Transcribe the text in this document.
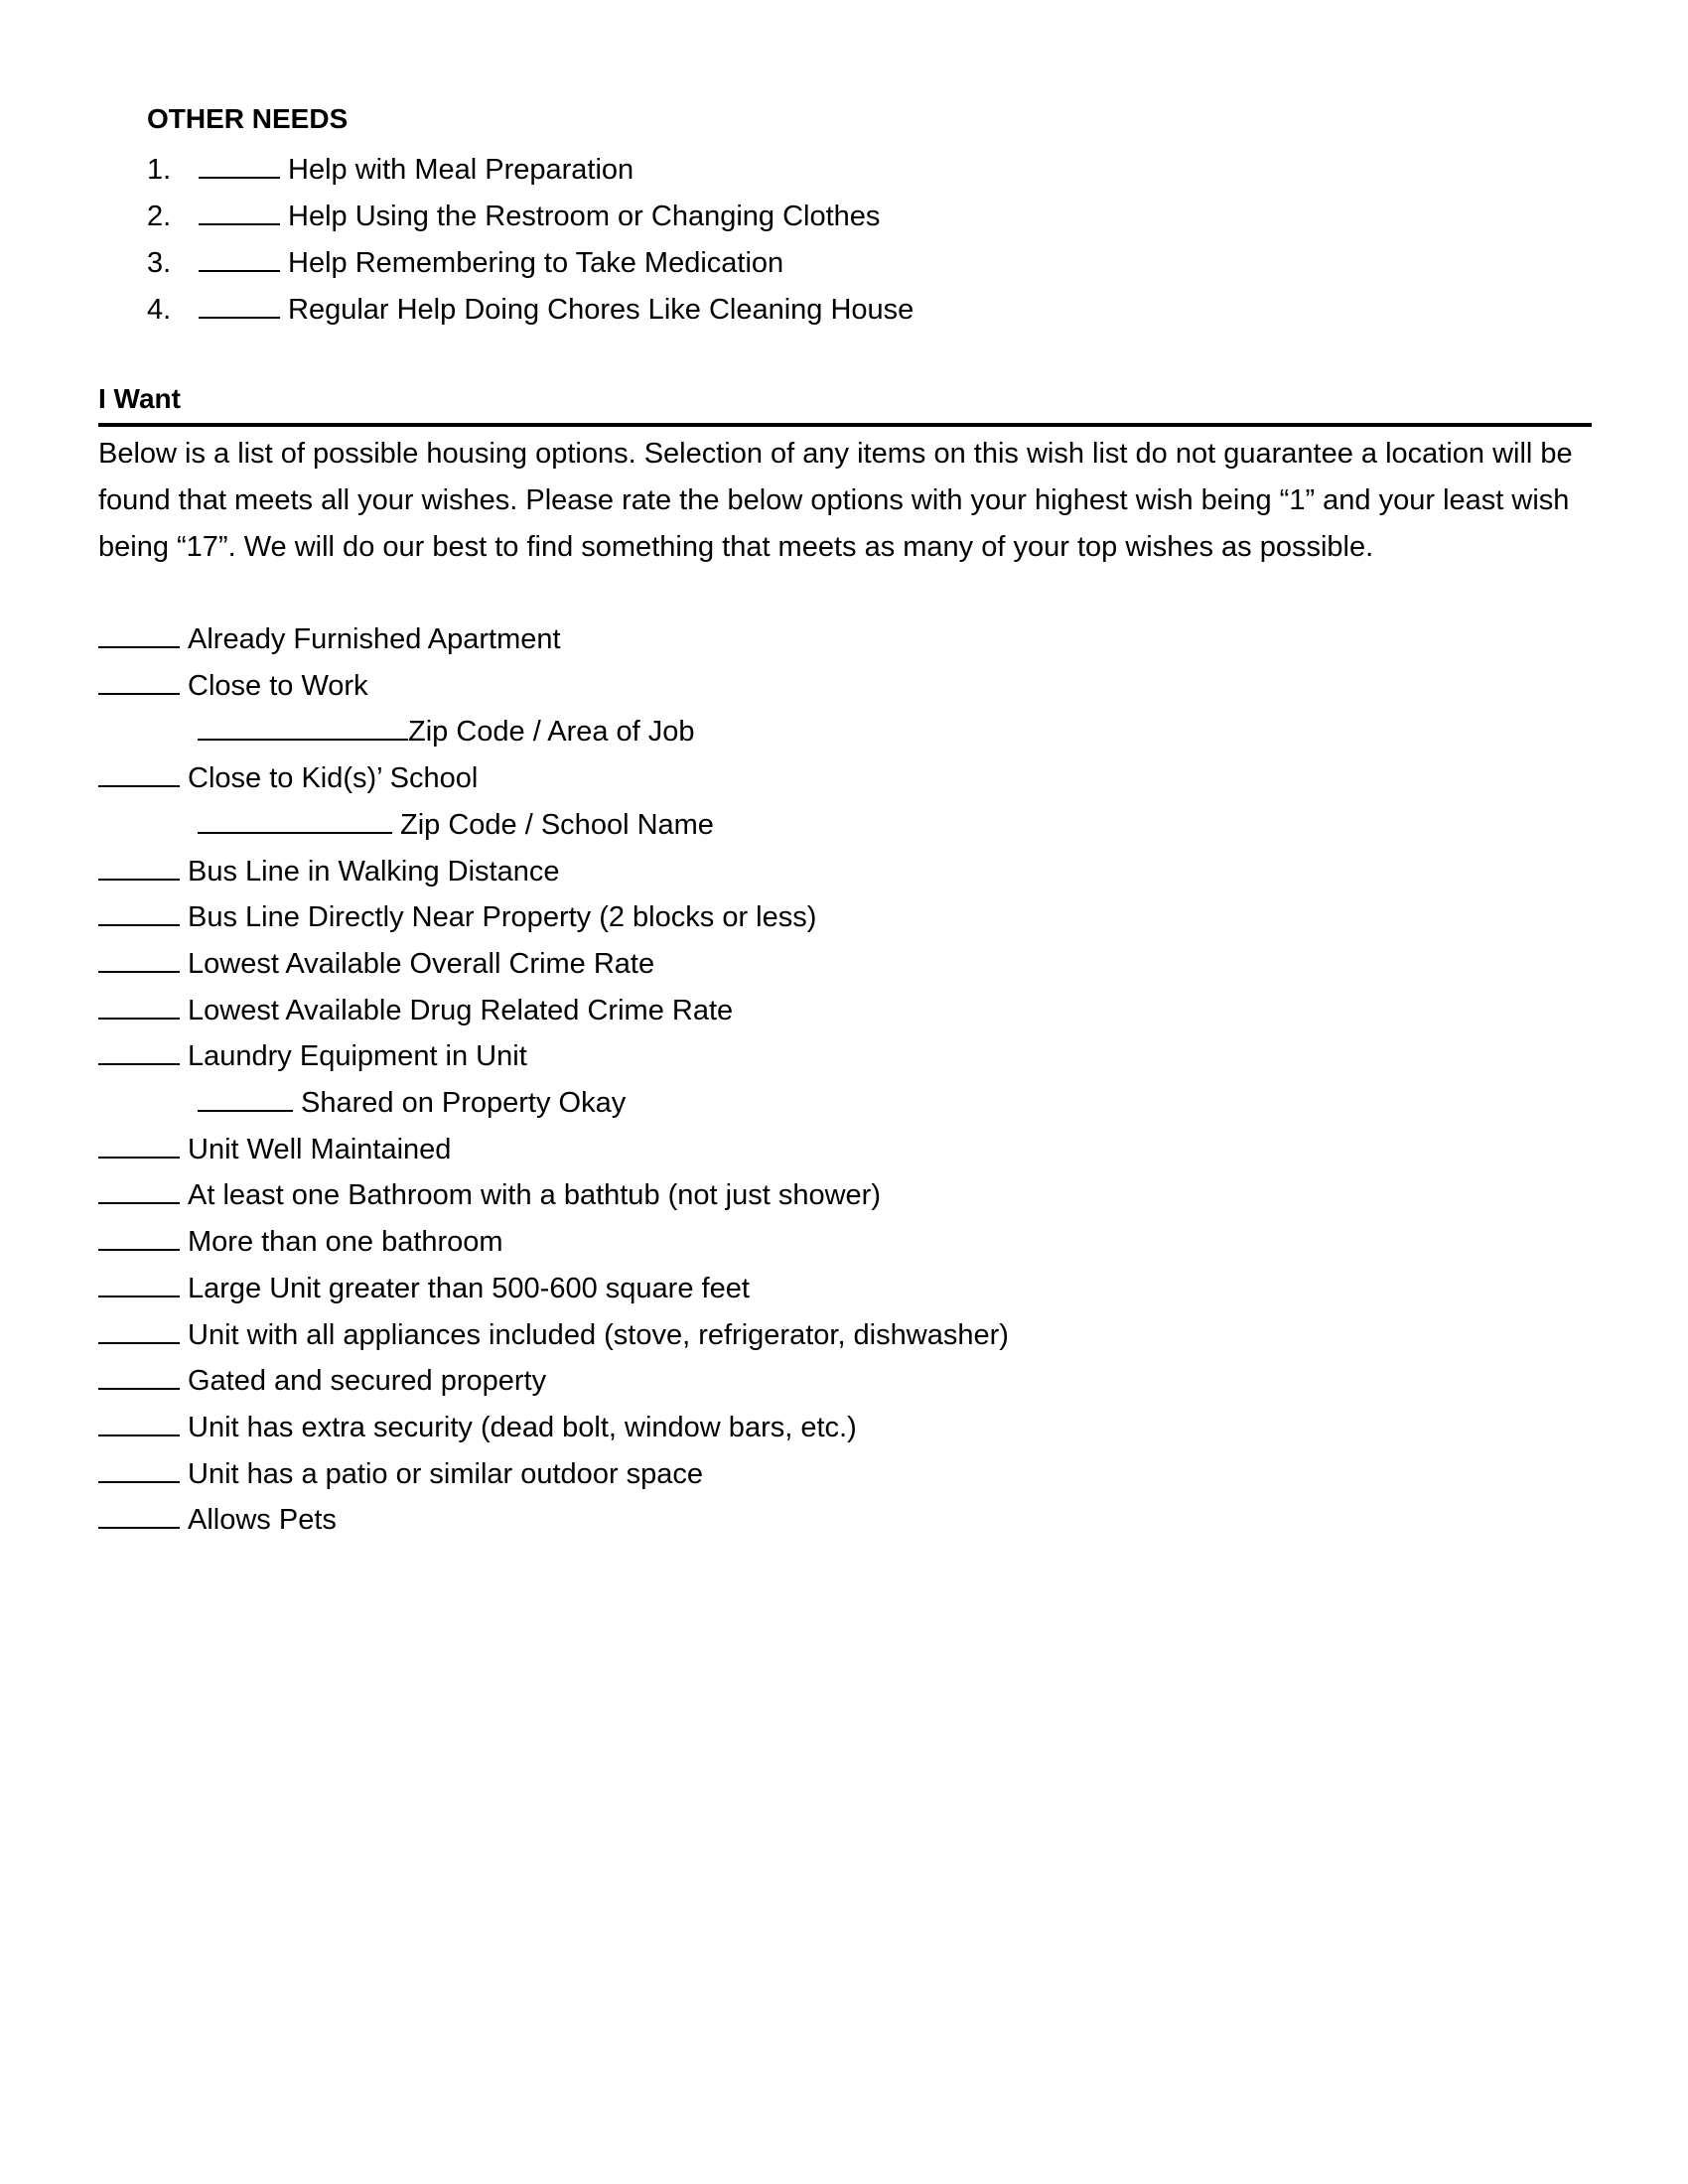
OTHER NEEDS
1.	Help with Meal Preparation
2.	Help Using the Restroom or Changing Clothes
3.	Help Remembering to Take Medication
4.	Regular Help Doing Chores Like Cleaning House
I Want

Below is a list of possible housing options. Selection of any items on this wish list do not guarantee a location will be found that meets all your wishes. Please rate the below options with your highest wish being “1” and your least wish being “17”. We will do our best to find something that meets as many of your top wishes as possible.

Already Furnished Apartment
Close to Work
Zip Code / Area of Job
Close to Kid(s)’ School
Zip Code / School Name
Bus Line in Walking Distance
Bus Line Directly Near Property (2 blocks or less)
Lowest Available Overall Crime Rate
Lowest Available Drug Related Crime Rate
Laundry Equipment in Unit
Shared on Property Okay
Unit Well Maintained
At least one Bathroom with a bathtub (not just shower)
More than one bathroom
Large Unit greater than 500-600 square feet
Unit with all appliances included (stove, refrigerator, dishwasher)
Gated and secured property
Unit has extra security (dead bolt, window bars, etc.)
Unit has a patio or similar outdoor space
Allows Pets
